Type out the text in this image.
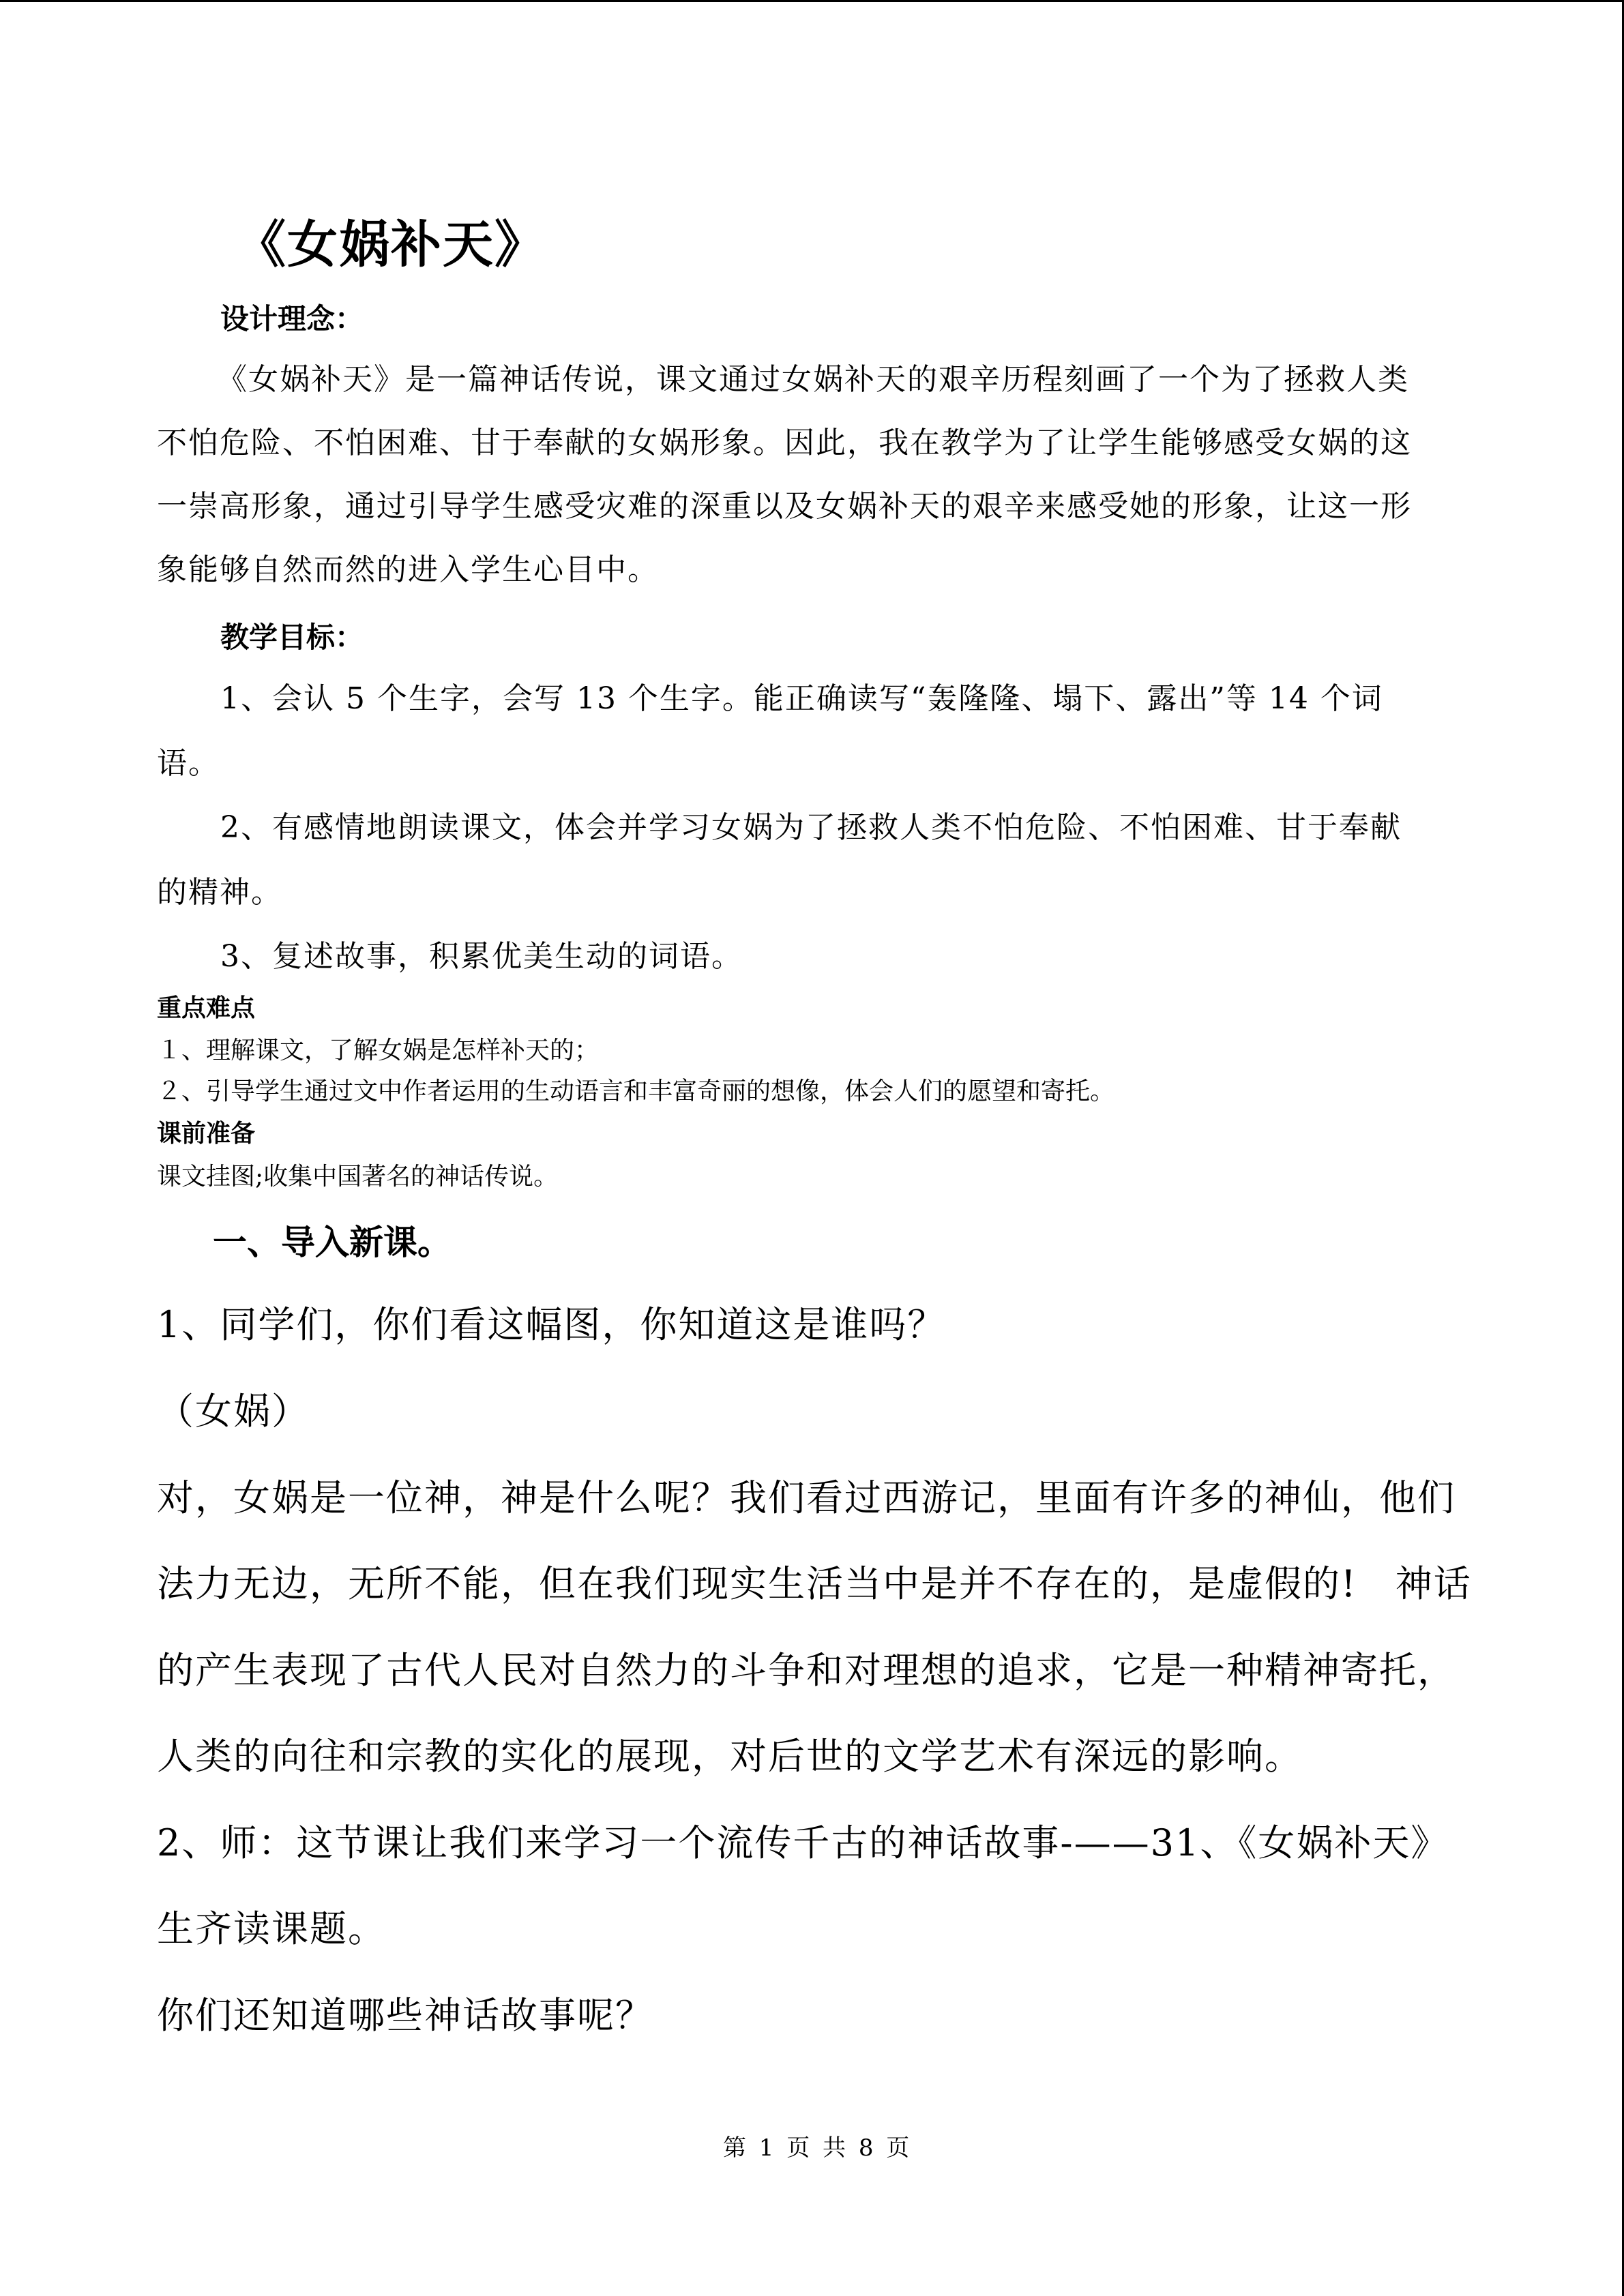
《女娲补天》
设计理念：
《女娲补天》是一篇神话传说，课文通过女娲补天的艰辛历程刻画了一个为了拯救人类
不怕危险、不怕困难、甘于奉献的女娲形象。因此，我在教学为了让学生能够感受女娲的这
一崇高形象，通过引导学生感受灾难的深重以及女娲补天的艰辛来感受她的形象，让这一形
象能够自然而然的进入学生心目中。
教学目标：
1、会认 5 个生字，会写 13 个生字。能正确读写“轰隆隆、塌下、露出”等 14 个词
语。
2、有感情地朗读课文，体会并学习女娲为了拯救人类不怕危险、不怕困难、甘于奉献
的精神。
3、复述故事，积累优美生动的词语。
重点难点
１、理解课文，了解女娲是怎样补天的；
２、引导学生通过文中作者运用的生动语言和丰富奇丽的想像，体会人们的愿望和寄托。
课前准备
课文挂图;收集中国著名的神话传说。
一、导入新课。
1、同学们，你们看这幅图，你知道这是谁吗？
（女娲）
对，女娲是一位神，神是什么呢？我们看过西游记，里面有许多的神仙，他们
法力无边，无所不能，但在我们现实生活当中是并不存在的，是虚假的!　神话
的产生表现了古代人民对自然力的斗争和对理想的追求，它是一种精神寄托，
人类的向往和宗教的实化的展现，对后世的文学艺术有深远的影响。
2、师：这节课让我们来学习一个流传千古的神话故事-——31、《女娲补天》
生齐读课题。
你们还知道哪些神话故事呢？
第 1 页 共 8 页
